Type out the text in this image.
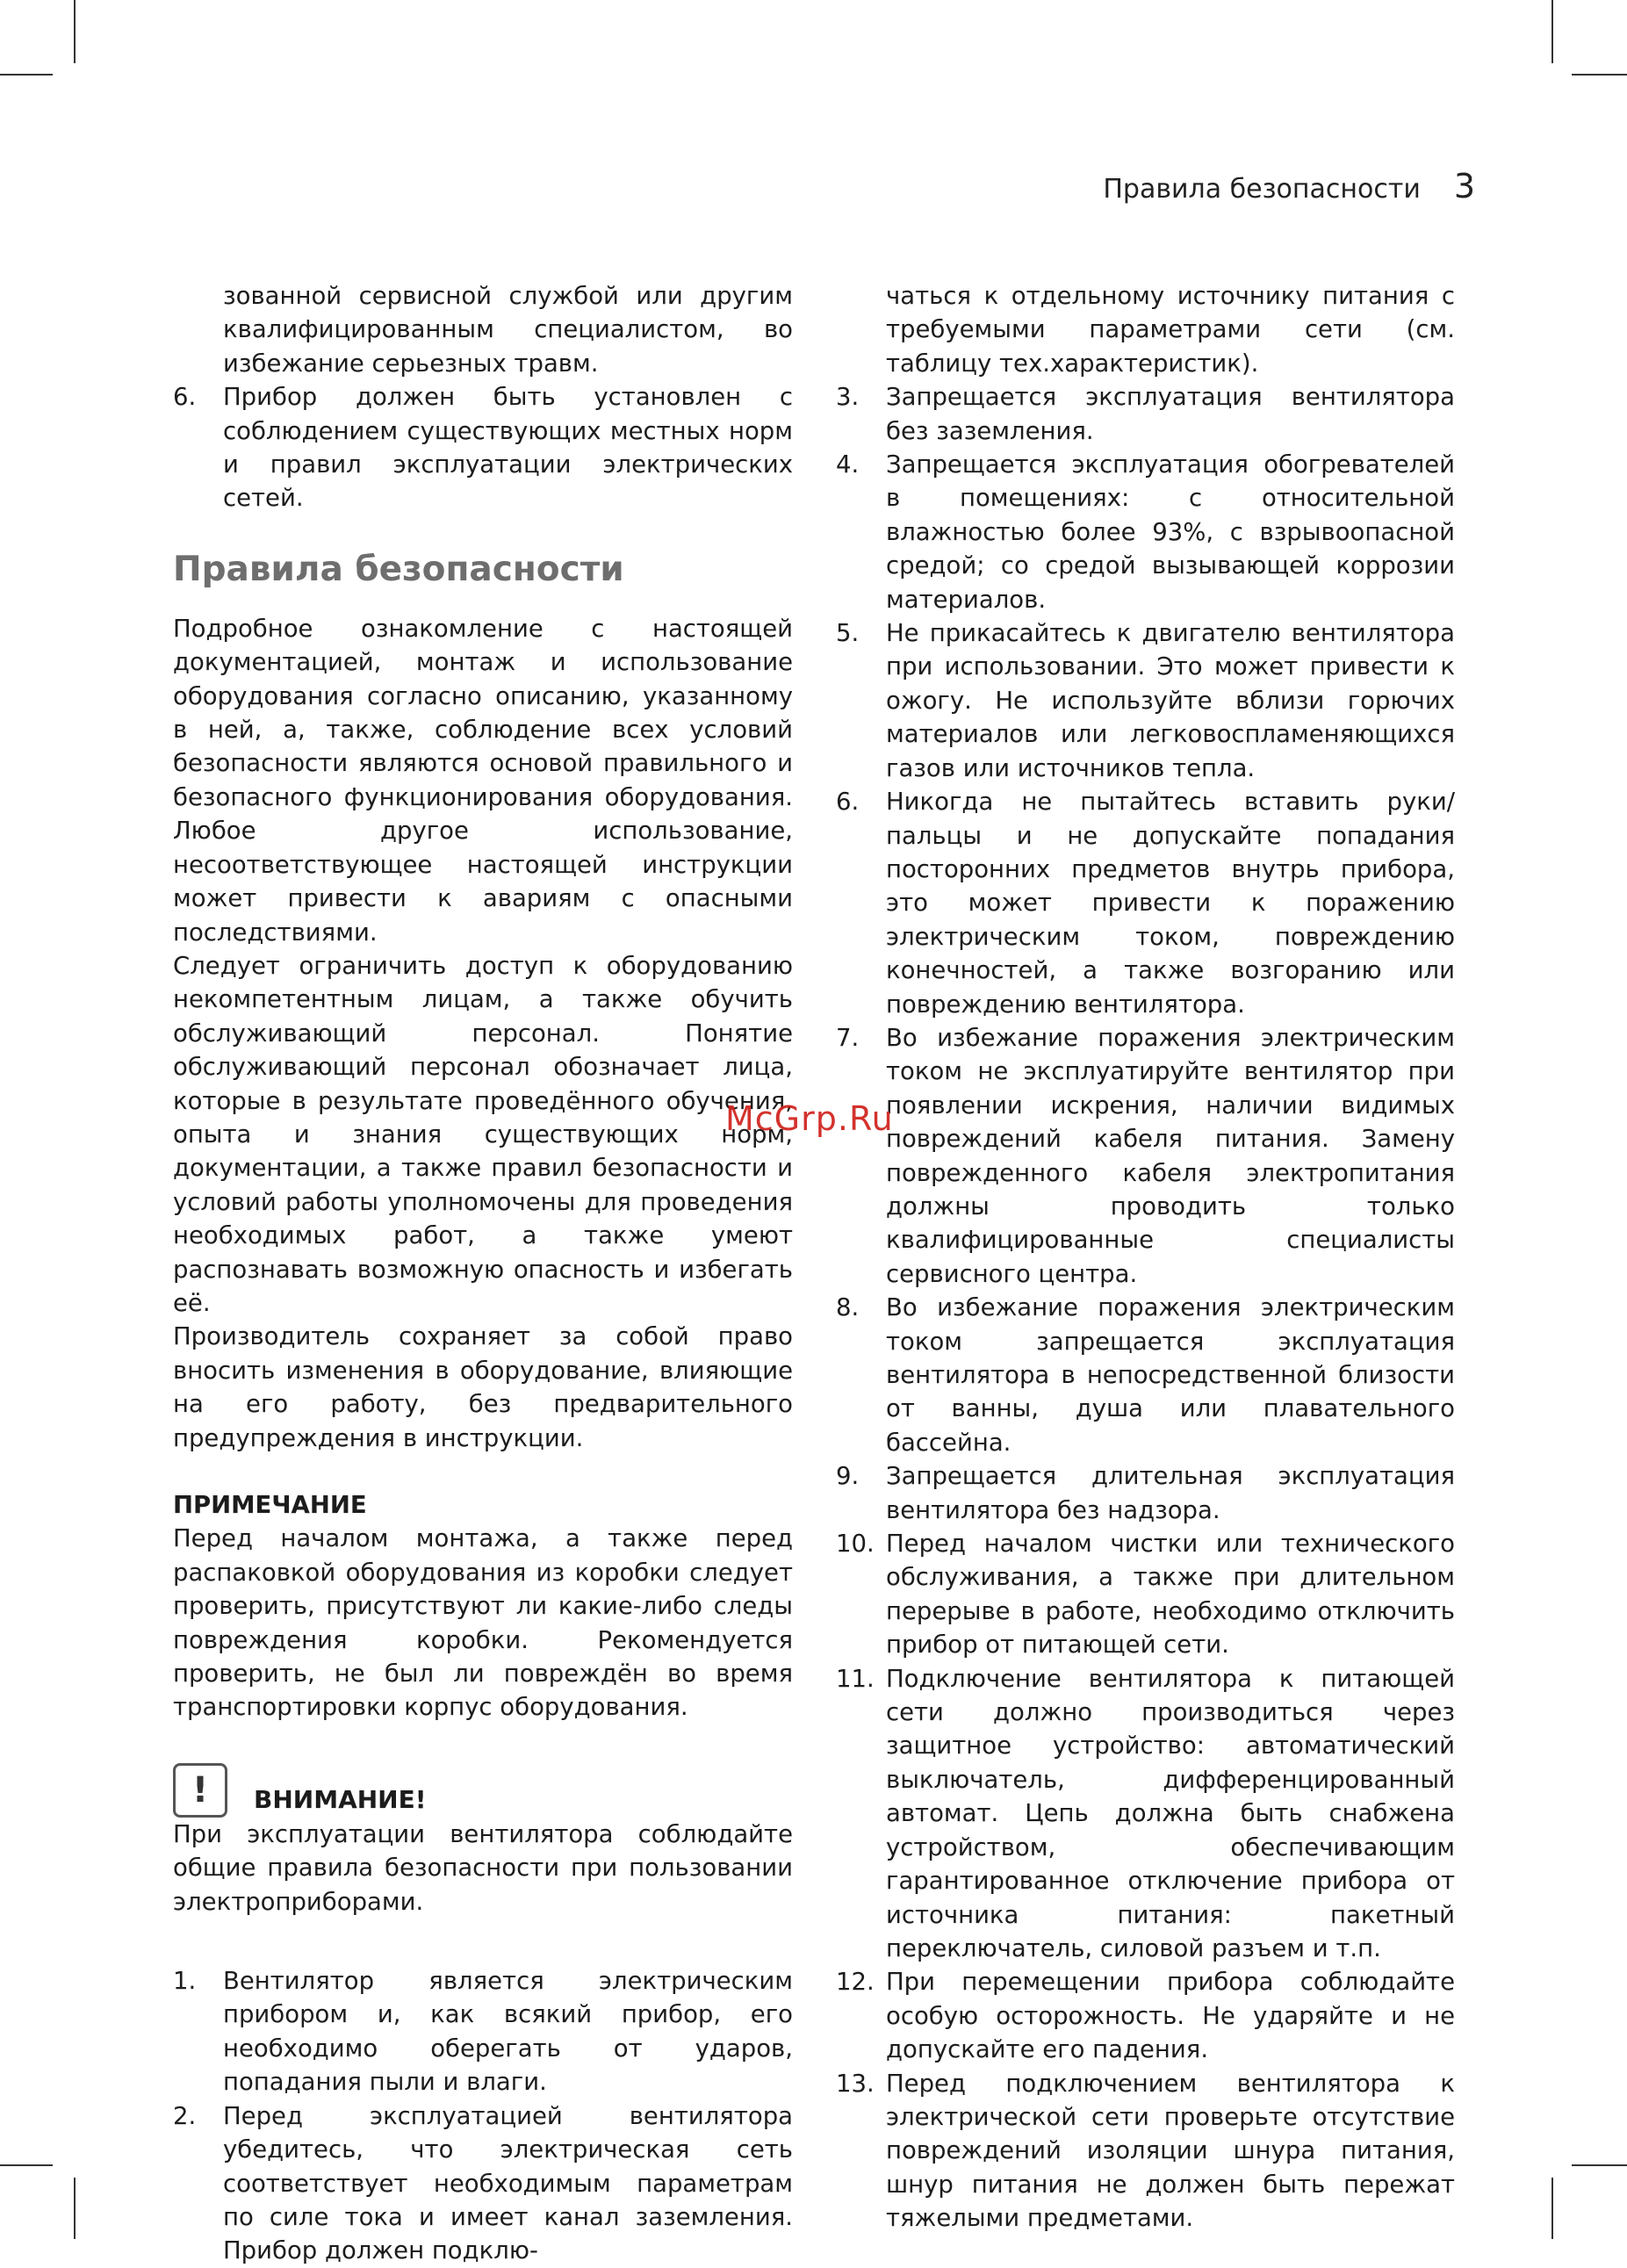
Правила безопасности 3
зованной сервисной службой или другим квалифицированным специалистом, во избежание серьезных травм.
6.	Прибор должен быть установлен с соблюдением существующих местных норм и правил эксплуатации электрических сетей.
Правила безопасности

Подробное ознакомление с настоящей документацией, монтаж и использование оборудования согласно описанию, указанному в ней, а, также, соблюдение всех условий безопасности являются основой правильного и безопасного функционирования оборудования. Любое другое использование, несоответствующее настоящей инструкции может привести к авариям с опасными последствиями.

Следует ограничить доступ к оборудованию некомпетентным лицам, а также обучить обслуживающий персонал. Понятие обслуживающий персонал обозначает лица, которые в результате проведённого обучения, опыта и знания существующих норм, документации, а также правил безопасности и условий работы уполномочены для проведения необходимых работ, а также умеют распознавать возможную опасность и избегать её.

Производитель сохраняет за собой право вносить изменения в оборудование, влияющие на его работу, без предварительного предупреждения в инструкции.

ПРИМЕЧАНИЕ

Перед началом монтажа, а также перед распаковкой оборудования из коробки следует проверить, присутствуют ли какие-либо следы повреждения коробки. Рекомендуется проверить, не был ли повреждён во время транспортировки корпус оборудования.

!	ВНИМАНИЕ!

При эксплуатации вентилятора соблюдайте общие правила безопасности при пользовании электроприборами.

1.	Вентилятор является электрическим прибором и, как всякий прибор, его необходимо оберегать от ударов, попадания пыли и влаги.
2.	Перед эксплуатацией вентилятора убедитесь, что электрическая сеть соответствует необходимым параметрам по силе тока и имеет канал заземления. Прибор должен подклю-
чаться к отдельному источнику питания с требуемыми параметрами сети (см. таблицу тех.характеристик).
3.	Запрещается эксплуатация вентилятора без заземления.
4.	Запрещается эксплуатация обогревателей в помещениях: с относительной влажностью более 93%, с взрывоопасной средой; со средой вызывающей коррозии материалов.
5.	Не прикасайтесь к двигателю вентилятора при использовании. Это может привести к ожогу. Не используйте вблизи горючих материалов или легковоспламеняющихся газов или источников тепла.
6.	Никогда не пытайтесь вставить руки/пальцы и не допускайте попадания посторонних предметов внутрь прибора, это может привести к поражению электрическим током, повреждению конечностей, а также возгоранию или повреждению вентилятора.
7.	Во избежание поражения электрическим током не эксплуатируйте вентилятор при появлении искрения, наличии видимых повреждений кабеля питания. Замену поврежденного кабеля электропитания должны проводить только квалифицированные специалисты сервисного центра.
8.	Во избежание поражения электрическим током запрещается эксплуатация вентилятора в непосредственной близости от ванны, душа или плавательного бассейна.
9.	Запрещается длительная эксплуатация вентилятора без надзора.
10. Перед началом чистки или технического обслуживания, а также при длительном перерыве в работе, необходимо отключить прибор от питающей сети.
11. Подключение вентилятора к питающей сети должно производиться через защитное устройство: автоматический выключатель, дифференцированный автомат. Цепь должна быть снабжена устройством, обеспечивающим гарантированное отключение прибора от источника питания: пакетный переключатель, силовой разъем и т.п.
12. При перемещении прибора соблюдайте особую осторожность. Не ударяйте и не допускайте его падения.
13. Перед подключением вентилятора к электрической сети проверьте отсутствие повреждений изоляции шнура питания, шнур питания не должен быть пережат тяжелыми предметами.
McGrp.Ru
